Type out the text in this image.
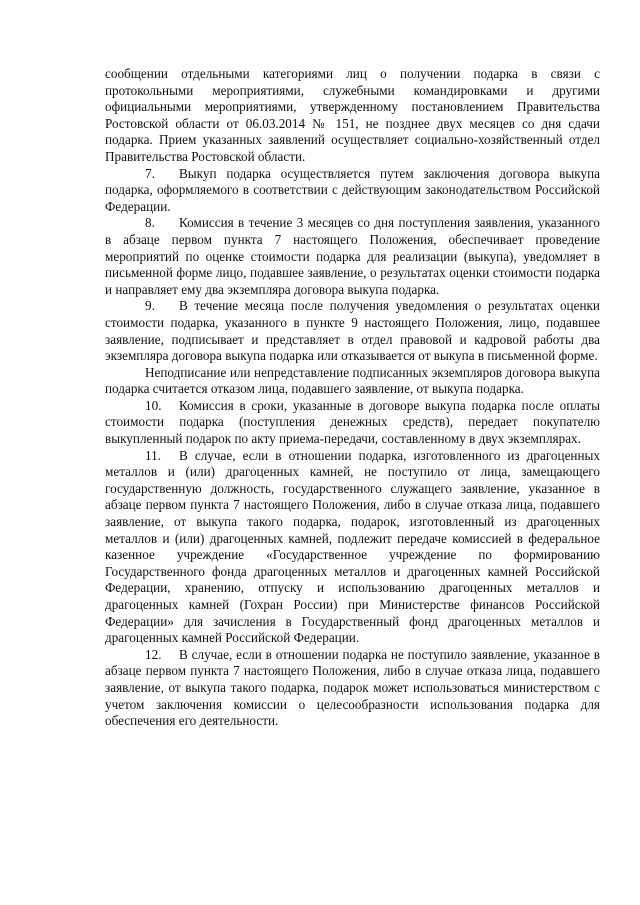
сообщении отдельными категориями лиц о получении подарка в связи с протокольными мероприятиями, служебными командировками и другими официальными мероприятиями, утвержденному постановлением Правительства Ростовской области от 06.03.2014 № 151, не позднее двух месяцев со дня сдачи подарка. Прием указанных заявлений осуществляет социально-хозяйственный отдел Правительства Ростовской области.

7. Выкуп подарка осуществляется путем заключения договора выкупа подарка, оформляемого в соответствии с действующим законодательством Российской Федерации.

8. Комиссия в течение 3 месяцев со дня поступления заявления, указанного в абзаце первом пункта 7 настоящего Положения, обеспечивает проведение мероприятий по оценке стоимости подарка для реализации (выкупа), уведомляет в письменной форме лицо, подавшее заявление, о результатах оценки стоимости подарка и направляет ему два экземпляра договора выкупа подарка.

9. В течение месяца после получения уведомления о результатах оценки стоимости подарка, указанного в пункте 9 настоящего Положения, лицо, подавшее заявление, подписывает и представляет в отдел правовой и кадровой работы два экземпляра договора выкупа подарка или отказывается от выкупа в письменной форме.

Неподписание или непредставление подписанных экземпляров договора выкупа подарка считается отказом лица, подавшего заявление, от выкупа подарка.

10. Комиссия в сроки, указанные в договоре выкупа подарка после оплаты стоимости подарка (поступления денежных средств), передает покупателю выкупленный подарок по акту приема-передачи, составленному в двух экземплярах.

11. В случае, если в отношении подарка, изготовленного из драгоценных металлов и (или) драгоценных камней, не поступило от лица, замещающего государственную должность, государственного служащего заявление, указанное в абзаце первом пункта 7 настоящего Положения, либо в случае отказа лица, подавшего заявление, от выкупа такого подарка, подарок, изготовленный из драгоценных металлов и (или) драгоценных камней, подлежит передаче комиссией в федеральное казенное учреждение «Государственное учреждение по формированию Государственного фонда драгоценных металлов и драгоценных камней Российской Федерации, хранению, отпуску и использованию драгоценных металлов и драгоценных камней (Гохран России) при Министерстве финансов Российской Федерации» для зачисления в Государственный фонд драгоценных металлов и драгоценных камней Российской Федерации.

12. В случае, если в отношении подарка не поступило заявление, указанное в абзаце первом пункта 7 настоящего Положения, либо в случае отказа лица, подавшего заявление, от выкупа такого подарка, подарок может использоваться министерством с учетом заключения комиссии о целесообразности использования подарка для обеспечения его деятельности.
